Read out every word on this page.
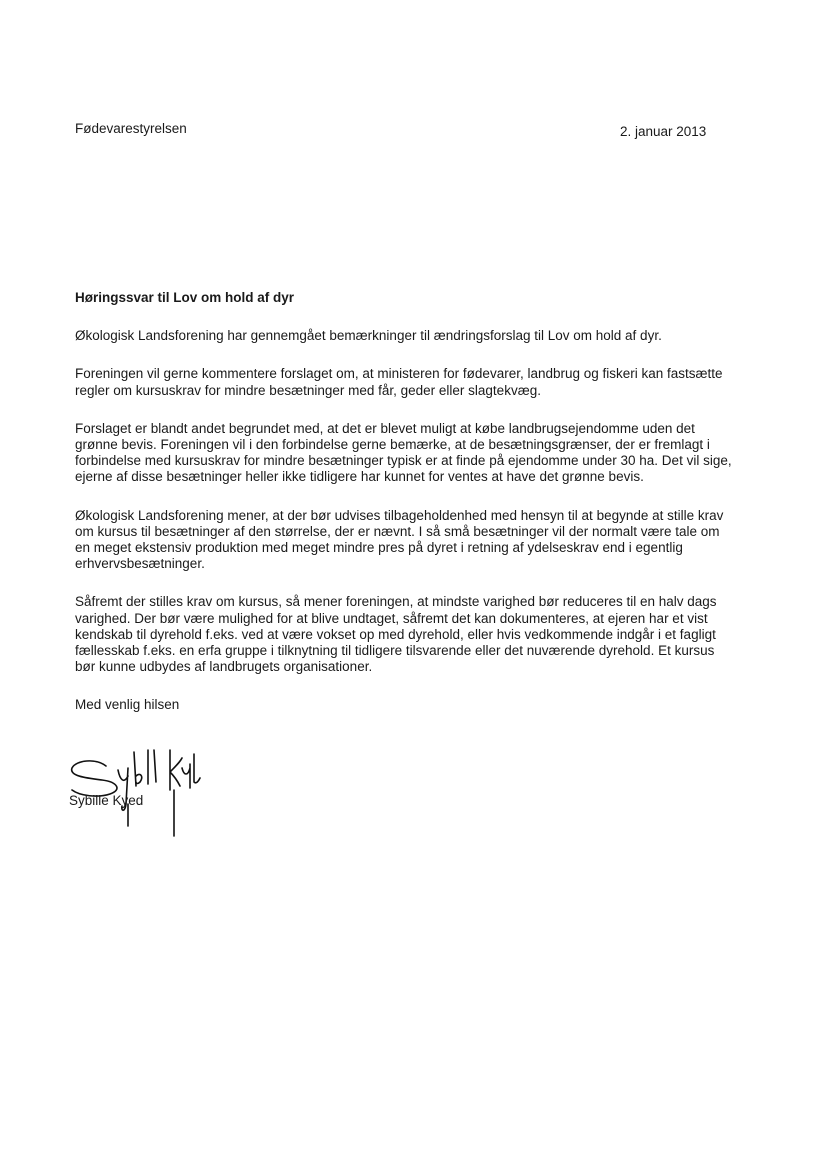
Fødevarestyrelsen	2. januar 2013

Høringssvar til Lov om hold af dyr

Økologisk Landsforening har gennemgået bemærkninger til ændringsforslag til Lov om hold af dyr.

Foreningen vil gerne kommentere forslaget om, at ministeren for fødevarer, landbrug og fiskeri kan fastsætte regler om kursuskrav for mindre besætninger med får, geder eller slagtekvæg.

Forslaget er blandt andet begrundet med, at det er blevet muligt at købe landbrugsejendomme uden det grønne bevis. Foreningen vil i den forbindelse gerne bemærke, at de besætningsgrænser, der er fremlagt i forbindelse med kursuskrav for mindre besætninger typisk er at finde på ejendomme under 30 ha. Det vil sige, ejerne af disse besætninger heller ikke tidligere har kunnet for ventes at have det grønne bevis.

Økologisk Landsforening mener, at der bør udvises tilbageholdenhed med hensyn til at begynde at stille krav om kursus til besætninger af den størrelse, der er nævnt. I så små besætninger vil der normalt være tale om en meget ekstensiv produktion med meget mindre pres på dyret i retning af ydelseskrav end i egentlig erhvervsbesætninger.

Såfremt der stilles krav om kursus, så mener foreningen, at mindste varighed bør reduceres til en halv dags varighed. Der bør være mulighed for at blive undtaget, såfremt det kan dokumenteres, at ejeren har et vist kendskab til dyrehold f.eks. ved at være vokset op med dyrehold, eller hvis vedkommende indgår i et fagligt fællesskab f.eks. en erfa gruppe i tilknytning til tidligere tilsvarende eller det nuværende dyrehold. Et kursus bør kunne udbydes af landbrugets organisationer.

Med venlig hilsen

Sybille Kyed
